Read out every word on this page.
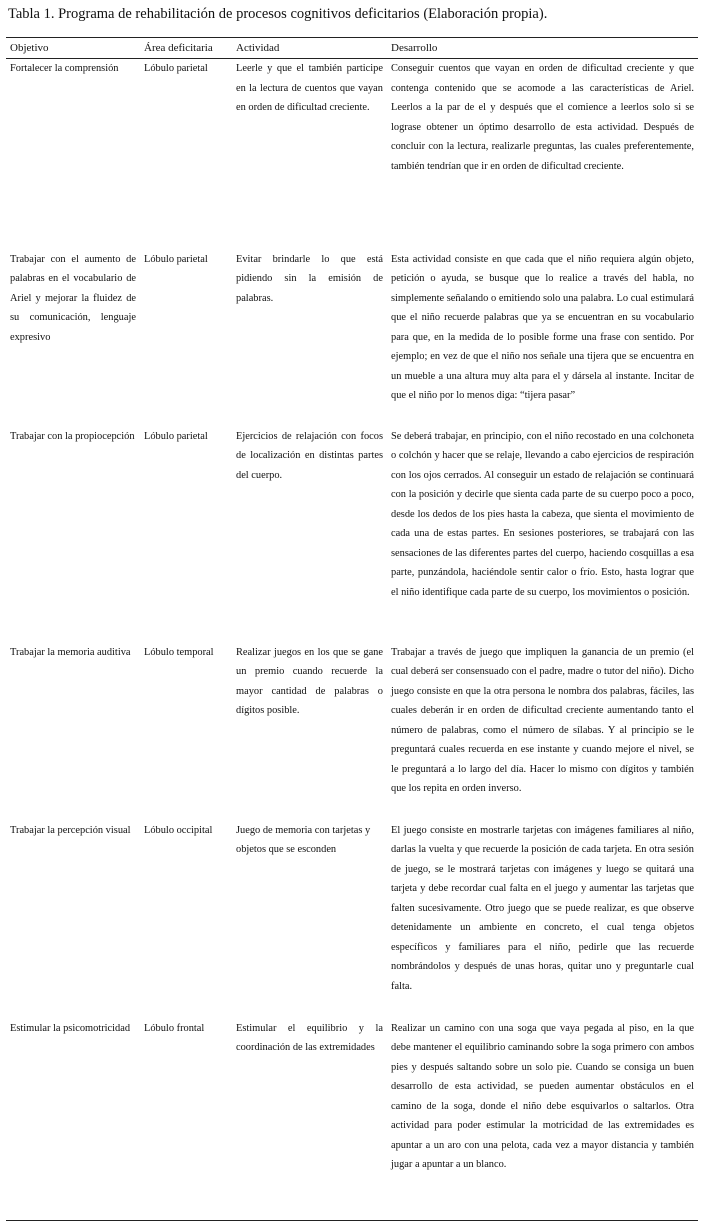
Tabla 1. Programa de rehabilitación de procesos cognitivos deficitarios (Elaboración propia).
Objetivo	Área deficitaria	Actividad	Desarrollo
Fortalecer la comprensión	Lóbulo parietal	Leerle y que el también participe en la lectura de cuentos que vayan en orden de dificultad creciente.	Conseguir cuentos que vayan en orden de dificultad creciente y que contenga contenido que se acomode a las características de Ariel. Leerlos a la par de el y después que el comience a leerlos solo si se lograse obtener un óptimo desarrollo de esta actividad. Después de concluir con la lectura, realizarle preguntas, las cuales preferentemente, también tendrían que ir en orden de dificultad creciente.
Trabajar con el aumento de palabras en el vocabulario de Ariel y mejorar la fluidez de su comunicación, lenguaje expresivo	Lóbulo parietal	Evitar brindarle lo que está pidiendo sin la emisión de palabras.	Esta actividad consiste en que cada que el niño requiera algún objeto, petición o ayuda, se busque que lo realice a través del habla, no simplemente señalando o emitiendo solo una palabra. Lo cual estimulará que el niño recuerde palabras que ya se encuentran en su vocabulario para que, en la medida de lo posible forme una frase con sentido. Por ejemplo; en vez de que el niño nos señale una tijera que se encuentra en un mueble a una altura muy alta para el y dársela al instante. Incitar de que el niño por lo menos diga: “tijera pasar”
Trabajar con la propiocepción	Lóbulo parietal	Ejercicios de relajación con focos de localización en distintas partes del cuerpo.	Se deberá trabajar, en principio, con el niño recostado en una colchoneta o colchón y hacer que se relaje, llevando a cabo ejercicios de respiración con los ojos cerrados. Al conseguir un estado de relajación se continuará con la posición y decirle que sienta cada parte de su cuerpo poco a poco, desde los dedos de los pies hasta la cabeza, que sienta el movimiento de cada una de estas partes. En sesiones posteriores, se trabajará con las sensaciones de las diferentes partes del cuerpo, haciendo cosquillas a esa parte, punzándola, haciéndole sentir calor o frío. Esto, hasta lograr que el niño identifique cada parte de su cuerpo, los movimientos o posición.
Trabajar la memoria auditiva	Lóbulo temporal	Realizar juegos en los que se gane un premio cuando recuerde la mayor cantidad de palabras o dígitos posible.	Trabajar a través de juego que impliquen la ganancia de un premio (el cual deberá ser consensuado con el padre, madre o tutor del niño). Dicho juego consiste en que la otra persona le nombra dos palabras, fáciles, las cuales deberán ir en orden de dificultad creciente aumentando tanto el número de palabras, como el número de sílabas. Y al principio se le preguntará cuales recuerda en ese instante y cuando mejore el nivel, se le preguntará a lo largo del día. Hacer lo mismo con dígitos y también que los repita en orden inverso.
Trabajar la percepción visual	Lóbulo occipital	Juego de memoria con tarjetas y objetos que se esconden	El juego consiste en mostrarle tarjetas con imágenes familiares al niño, darlas la vuelta y que recuerde la posición de cada tarjeta. En otra sesión de juego, se le mostrará tarjetas con imágenes y luego se quitará una tarjeta y debe recordar cual falta en el juego y aumentar las tarjetas que falten sucesivamente. Otro juego que se puede realizar, es que observe detenidamente un ambiente en concreto, el cual tenga objetos específicos y familiares para el niño, pedirle que las recuerde nombrándolos y después de unas horas, quitar uno y preguntarle cual falta.
Estimular la psicomotricidad	Lóbulo frontal	Estimular el equilibrio y la coordinación de las extremidades	Realizar un camino con una soga que vaya pegada al piso, en la que debe mantener el equilibrio caminando sobre la soga primero con ambos pies y después saltando sobre un solo pie. Cuando se consiga un buen desarrollo de esta actividad, se pueden aumentar obstáculos en el camino de la soga, donde el niño debe esquivarlos o saltarlos. Otra actividad para poder estimular la motricidad de las extremidades es apuntar a un aro con una pelota, cada vez a mayor distancia y también jugar a apuntar a un blanco.
